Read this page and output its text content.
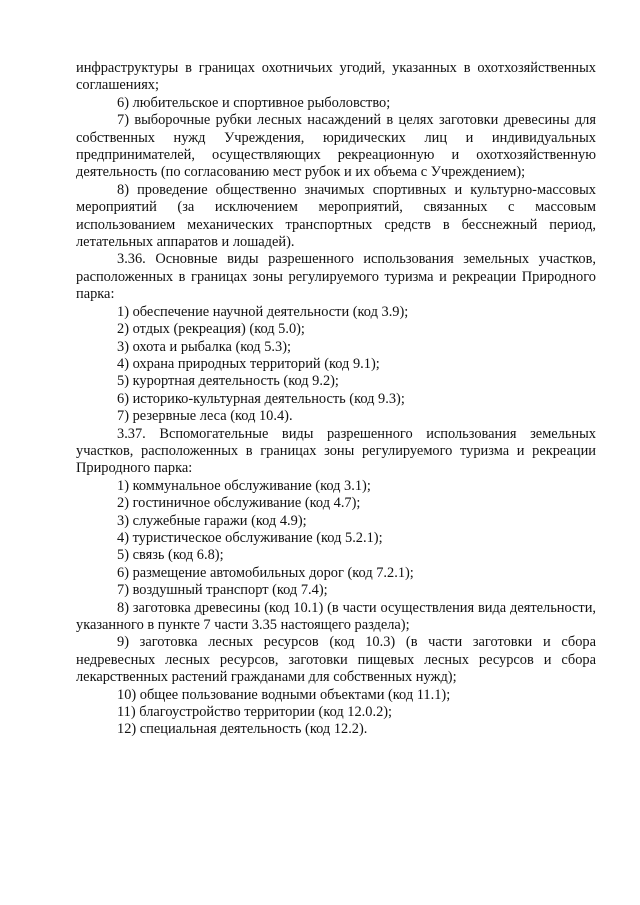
инфраструктуры в границах охотничьих угодий, указанных в охотхозяйственных соглашениях;

6) любительское и спортивное рыболовство;

7) выборочные рубки лесных насаждений в целях заготовки древесины для собственных нужд Учреждения, юридических лиц и индивидуальных предпринимателей, осуществляющих рекреационную и охотхозяйственную деятельность (по согласованию мест рубок и их объема с Учреждением);

8) проведение общественно значимых спортивных и культурно-массовых мероприятий (за исключением мероприятий, связанных с массовым использованием механических транспортных средств в бесснежный период, летательных аппаратов и лошадей).

3.36. Основные виды разрешенного использования земельных участков, расположенных в границах зоны регулируемого туризма и рекреации Природного парка:

1) обеспечение научной деятельности (код 3.9);

2) отдых (рекреация) (код 5.0);

3) охота и рыбалка (код 5.3);

4) охрана природных территорий (код 9.1);

5) курортная деятельность (код 9.2);

6) историко-культурная деятельность (код 9.3);

7) резервные леса (код 10.4).

3.37. Вспомогательные виды разрешенного использования земельных участков, расположенных в границах зоны регулируемого туризма и рекреации Природного парка:

1) коммунальное обслуживание (код 3.1);

2) гостиничное обслуживание (код 4.7);

3) служебные гаражи (код 4.9);

4) туристическое обслуживание (код 5.2.1);

5) связь (код 6.8);

6) размещение автомобильных дорог (код 7.2.1);

7) воздушный транспорт (код 7.4);

8) заготовка древесины (код 10.1) (в части осуществления вида деятельности, указанного в пункте 7 части 3.35 настоящего раздела);

9) заготовка лесных ресурсов (код 10.3) (в части заготовки и сбора недревесных лесных ресурсов, заготовки пищевых лесных ресурсов и сбора лекарственных растений гражданами для собственных нужд);

10) общее пользование водными объектами (код 11.1);

11) благоустройство территории (код 12.0.2);

12) специальная деятельность (код 12.2).
